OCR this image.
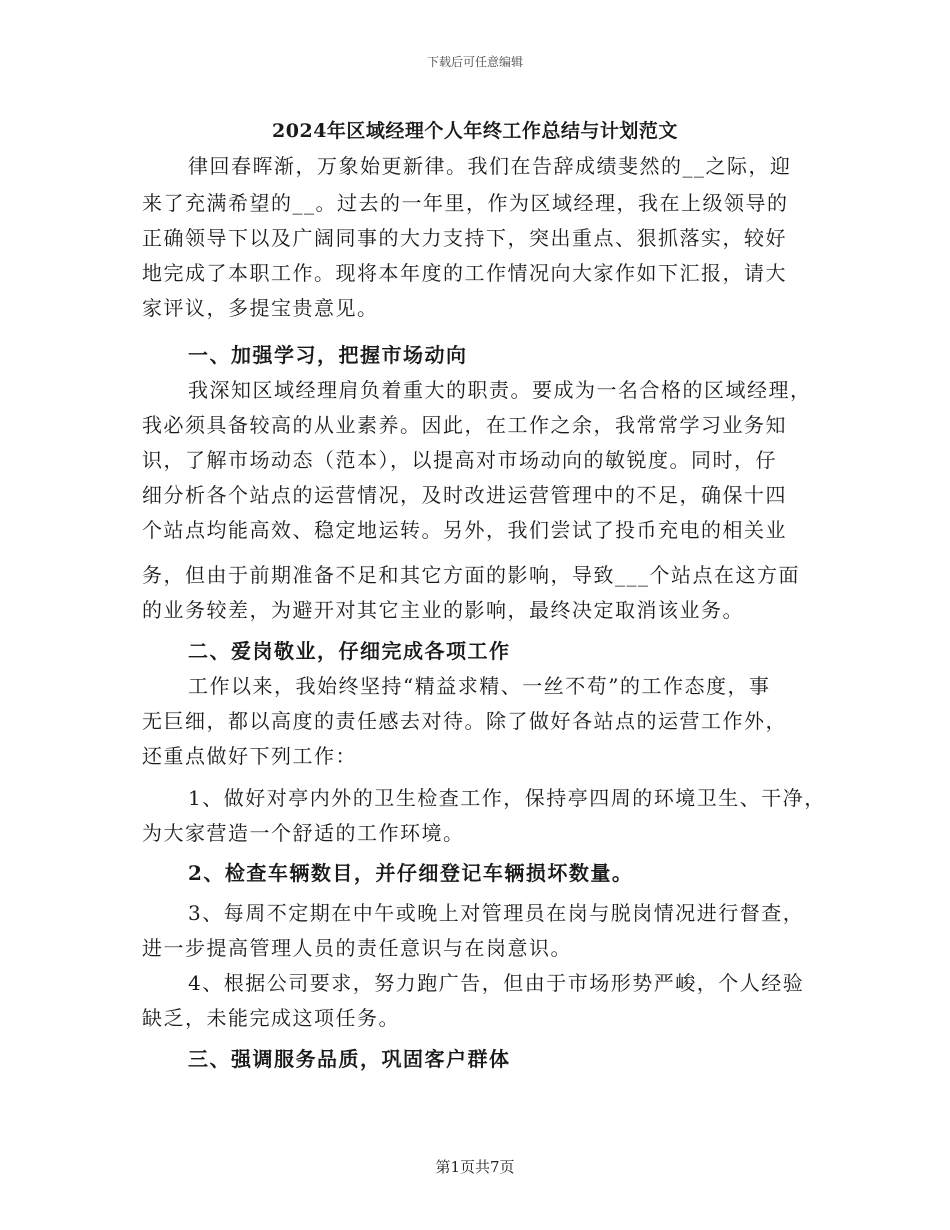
下载后可任意编辑
2024年区域经理个人年终工作总结与计划范文
律回春晖渐，万象始更新律。我们在告辞成绩斐然的__之际，迎
来了充满希望的__。过去的一年里，作为区域经理，我在上级领导的
正确领导下以及广阔同事的大力支持下，突出重点、狠抓落实，较好
地完成了本职工作。现将本年度的工作情况向大家作如下汇报，请大
家评议，多提宝贵意见。
一、加强学习，把握市场动向
我深知区域经理肩负着重大的职责。要成为一名合格的区域经理，
我必须具备较高的从业素养。因此，在工作之余，我常常学习业务知
识，了解市场动态（范本），以提高对市场动向的敏锐度。同时，仔
细分析各个站点的运营情况，及时改进运营管理中的不足，确保十四
个站点均能高效、稳定地运转。另外，我们尝试了投币充电的相关业
务，但由于前期准备不足和其它方面的影响，导致___个站点在这方面
的业务较差，为避开对其它主业的影响，最终决定取消该业务。
二、爱岗敬业，仔细完成各项工作
工作以来，我始终坚持“精益求精、一丝不苟”的工作态度，事
无巨细，都以高度的责任感去对待。除了做好各站点的运营工作外，
还重点做好下列工作：
1、做好对亭内外的卫生检查工作，保持亭四周的环境卫生、干净，
为大家营造一个舒适的工作环境。
2、检查车辆数目，并仔细登记车辆损坏数量。
3、每周不定期在中午或晚上对管理员在岗与脱岗情况进行督查，
进一步提高管理人员的责任意识与在岗意识。
4、根据公司要求，努力跑广告，但由于市场形势严峻，个人经验
缺乏，未能完成这项任务。
三、强调服务品质，巩固客户群体
第1页共7页
